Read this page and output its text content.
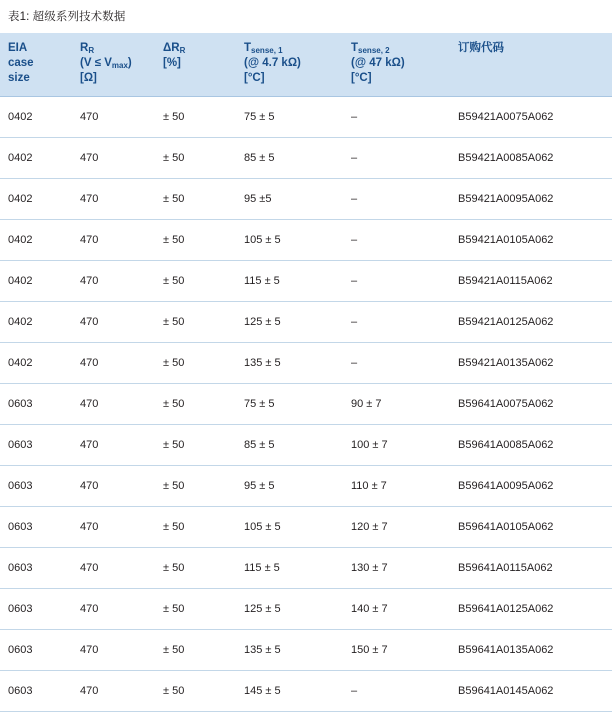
表1: 超级系列技术数据
EIA
case
size	$R_R$
$(V \le V_{max})$
[Ω]	$\Delta R_R$
[%]	$T_{sense, 1}$
(@ 4.7 kΩ)
[°C]	$T_{sense, 2}$
(@ 47 kΩ)
[°C]	订购代码
0402	470	± 50	75 ± 5	–	B59421A0075A062
0402	470	± 50	85 ± 5	–	B59421A0085A062
0402	470	± 50	95 ±5	–	B59421A0095A062
0402	470	± 50	105 ± 5	–	B59421A0105A062
0402	470	± 50	115 ± 5	–	B59421A0115A062
0402	470	± 50	125 ± 5	–	B59421A0125A062
0402	470	± 50	135 ± 5	–	B59421A0135A062
0603	470	± 50	75 ± 5	90 ± 7	B59641A0075A062
0603	470	± 50	85 ± 5	100 ± 7	B59641A0085A062
0603	470	± 50	95 ± 5	110 ± 7	B59641A0095A062
0603	470	± 50	105 ± 5	120 ± 7	B59641A0105A062
0603	470	± 50	115 ± 5	130 ± 7	B59641A0115A062
0603	470	± 50	125 ± 5	140 ± 7	B59641A0125A062
0603	470	± 50	135 ± 5	150 ± 7	B59641A0135A062
0603	470	± 50	145 ± 5	–	B59641A0145A062
